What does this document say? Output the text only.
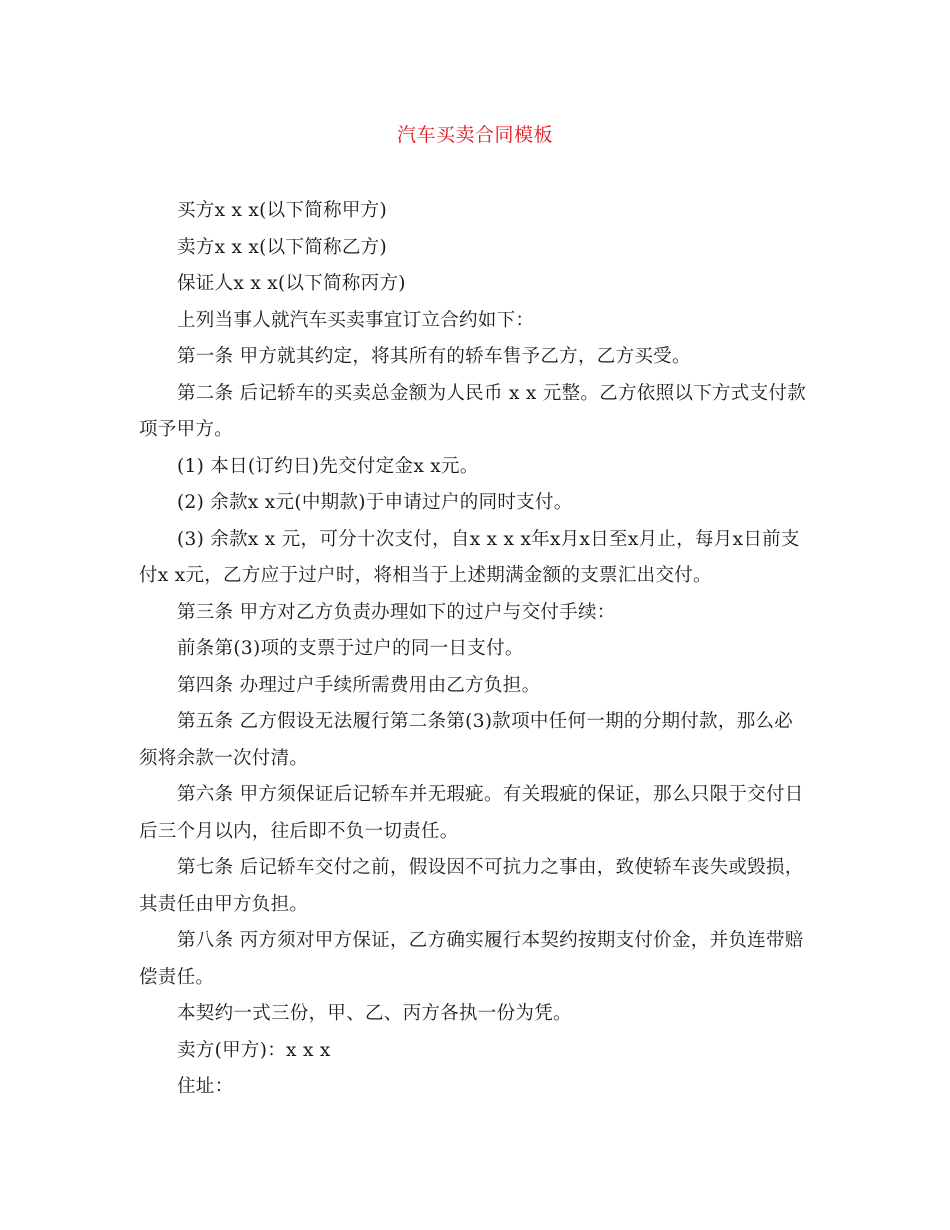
汽车买卖合同模板

买方x x x(以下简称甲方)

卖方x x x(以下简称乙方)

保证人x x x(以下简称丙方)

上列当事人就汽车买卖事宜订立合约如下：

第一条 甲方就其约定，将其所有的轿车售予乙方，乙方买受。

第二条 后记轿车的买卖总金额为人民币 x x 元整。乙方依照以下方式支付款项予甲方。

(1) 本日(订约日)先交付定金x x元。

(2) 余款x x元(中期款)于申请过户的同时支付。

(3) 余款x x 元，可分十次支付，自x x x x年x月x日至x月止，每月x日前支付x x元，乙方应于过户时，将相当于上述期满金额的支票汇出交付。

第三条 甲方对乙方负责办理如下的过户与交付手续：

前条第(3)项的支票于过户的同一日支付。

第四条 办理过户手续所需费用由乙方负担。

第五条 乙方假设无法履行第二条第(3)款项中任何一期的分期付款，那么必须将余款一次付清。

第六条 甲方须保证后记轿车并无瑕疵。有关瑕疵的保证，那么只限于交付日后三个月以内，往后即不负一切责任。

第七条 后记轿车交付之前，假设因不可抗力之事由，致使轿车丧失或毁损，其责任由甲方负担。

第八条 丙方须对甲方保证，乙方确实履行本契约按期支付价金，并负连带赔偿责任。

本契约一式三份，甲、乙、丙方各执一份为凭。

卖方(甲方)：x x x

住址：
